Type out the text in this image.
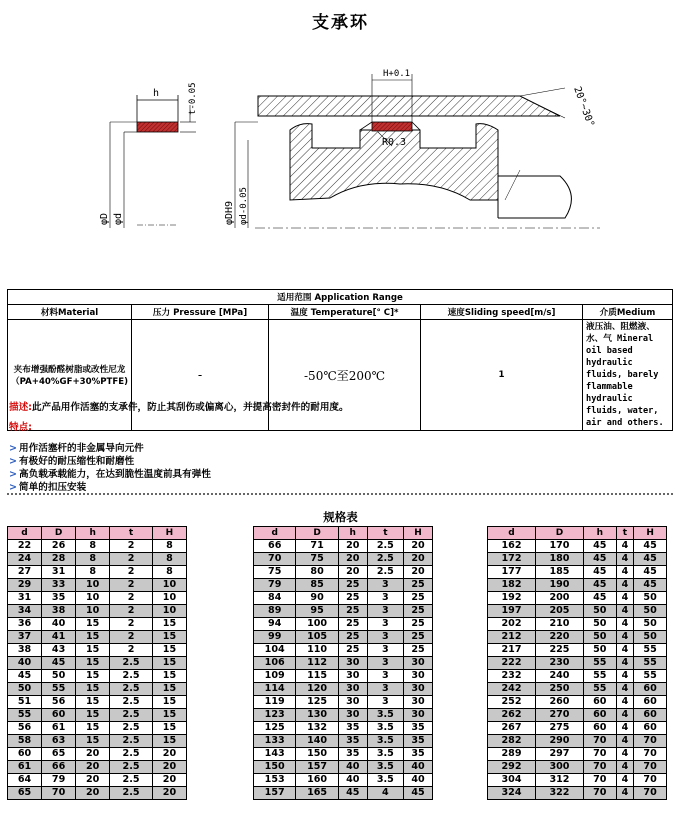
支承环
h	t-0.05
φD φd
H+0.1
R0.3
φDH9 φd-0.05
20°~30°
适用范围 Application Range				
材料Material	压力 Pressure [MPa]	温度 Temperature[° C]*	速度Sliding speed[m/s]	介质Medium
夹布增强酚醛树脂或改性尼龙（PA+40%GF+30%PTFE)	-	-50℃至200℃	1	液压油、阻燃液、水、气 Mineral oil based hydraulic fluids, barely flammable hydraulic fluids, water, air and others.
描述:此产品用作活塞的支承件，防止其刮伤或偏离心，并提高密封件的耐用度。
特点:
> 用作活塞杆的非金属导向元件
> 有极好的耐压缩性和耐磨性
> 高负载承载能力，在达到脆性温度前具有弹性
> 简单的扣压安装
规格表
d	D	h	t	H
22	26	8	2	8
24	28	8	2	8
27	31	8	2	8
29	33	10	2	10
31	35	10	2	10
34	38	10	2	10
36	40	15	2	15
37	41	15	2	15
38	43	15	2	15
40	45	15	2.5	15
45	50	15	2.5	15
50	55	15	2.5	15
51	56	15	2.5	15
55	60	15	2.5	15
56	61	15	2.5	15
58	63	15	2.5	15
60	65	20	2.5	20
61	66	20	2.5	20
64	79	20	2.5	20
65	70	20	2.5	20
d	D	h	t	H
66	71	20	2.5	20
70	75	20	2.5	20
75	80	20	2.5	20
79	85	25	3	25
84	90	25	3	25
89	95	25	3	25
94	100	25	3	25
99	105	25	3	25
104	110	25	3	25
106	112	30	3	30
109	115	30	3	30
114	120	30	3	30
119	125	30	3	30
123	130	30	3.5	30
125	132	35	3.5	35
133	140	35	3.5	35
143	150	35	3.5	35
150	157	40	3.5	40
153	160	40	3.5	40
157	165	45	4	45
d	D	h	t	H
162	170	45	4	45
172	180	45	4	45
177	185	45	4	45
182	190	45	4	45
192	200	45	4	50
197	205	50	4	50
202	210	50	4	50
212	220	50	4	50
217	225	50	4	55
222	230	55	4	55
232	240	55	4	55
242	250	55	4	60
252	260	60	4	60
262	270	60	4	60
267	275	60	4	60
282	290	70	4	70
289	297	70	4	70
292	300	70	4	70
304	312	70	4	70
324	322	70	4	70
